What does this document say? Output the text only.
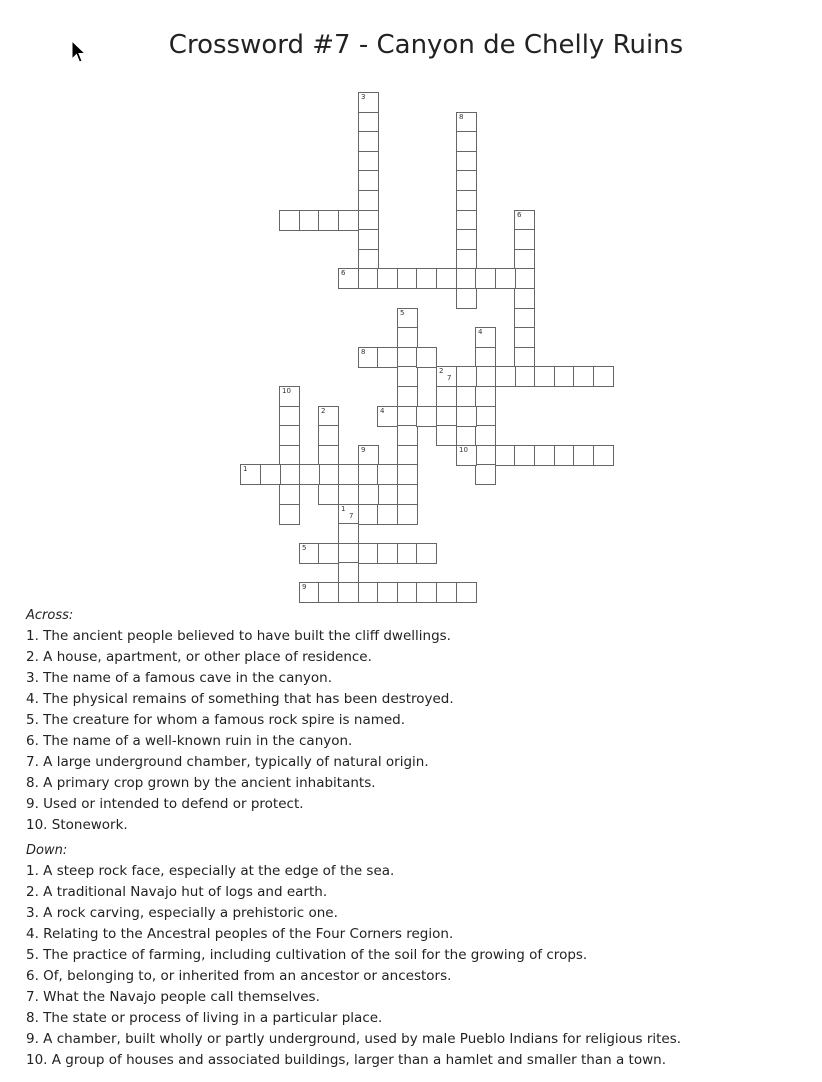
Crossword #7 - Canyon de Chelly Ruins
3
8
6
6
5
4
8
2
7
10
2	4
9	10
1
1
7
5
9
Across:
1. The ancient people believed to have built the cliff dwellings.
2. A house, apartment, or other place of residence.
3. The name of a famous cave in the canyon.
4. The physical remains of something that has been destroyed.
5. The creature for whom a famous rock spire is named.
6. The name of a well-known ruin in the canyon.
7. A large underground chamber, typically of natural origin.
8. A primary crop grown by the ancient inhabitants.
9. Used or intended to defend or protect.
10. Stonework.
Down:
1. A steep rock face, especially at the edge of the sea.
2. A traditional Navajo hut of logs and earth.
3. A rock carving, especially a prehistoric one.
4. Relating to the Ancestral peoples of the Four Corners region.
5. The practice of farming, including cultivation of the soil for the growing of crops.
6. Of, belonging to, or inherited from an ancestor or ancestors.
7. What the Navajo people call themselves.
8. The state or process of living in a particular place.
9. A chamber, built wholly or partly underground, used by male Pueblo Indians for religious rites.
10. A group of houses and associated buildings, larger than a hamlet and smaller than a town.
